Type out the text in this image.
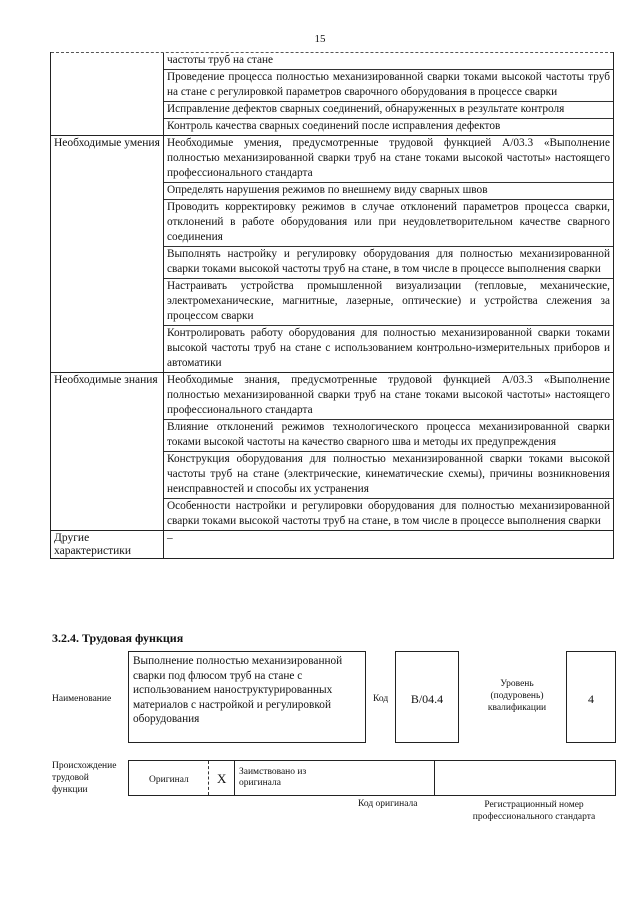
15
частоты труб на стане
Проведение процесса полностью механизированной сварки токами высокой частоты труб на стане с регулировкой параметров сварочного оборудования в процессе сварки
Исправление дефектов сварных соединений, обнаруженных в результате контроля
Контроль качества сварных соединений после исправления дефектов
Необходимые умения Необходимые умения, предусмотренные трудовой функцией А/03.3 «Выполнение полностью механизированной сварки труб на стане токами высокой частоты» настоящего профессионального стандарта
Определять нарушения режимов по внешнему виду сварных швов
Проводить корректировку режимов в случае отклонений параметров процесса сварки, отклонений в работе оборудования или при неудовлетворительном качестве сварного соединения
Выполнять настройку и регулировку оборудования для полностью механизированной сварки токами высокой частоты труб на стане, в том числе в процессе выполнения сварки
Настраивать устройства промышленной визуализации (тепловые, механические, электромеханические, магнитные, лазерные, оптические) и устройства слежения за процессом сварки
Контролировать работу оборудования для полностью механизированной сварки токами высокой частоты труб на стане с использованием контрольно-измерительных приборов и автоматики
Необходимые знания Необходимые знания, предусмотренные трудовой функцией А/03.3 «Выполнение полностью механизированной сварки труб на стане токами высокой частоты» настоящего профессионального стандарта
Влияние отклонений режимов технологического процесса механизированной сварки токами высокой частоты на качество сварного шва и методы их предупреждения
Конструкция оборудования для полностью механизированной сварки токами высокой частоты труб на стане (электрические, кинематические схемы), причины возникновения неисправностей и способы их устранения
Особенности настройки и регулировки оборудования для полностью механизированной сварки токами высокой частоты труб на стане, в том числе в процессе выполнения сварки
Другие характеристики
–
3.2.4. Трудовая функция
Наименование
Выполнение полностью механизированной сварки под флюсом труб на стане с использованием наноструктурированных материалов с настройкой и регулировкой оборудования
Код	В/04.4
Уровень (подуровень) квалификации
4
Происхождение трудовой функции
Оригинал X Заимствовано из оригинала
Код оригинала	Регистрационный номер профессионального стандарта
